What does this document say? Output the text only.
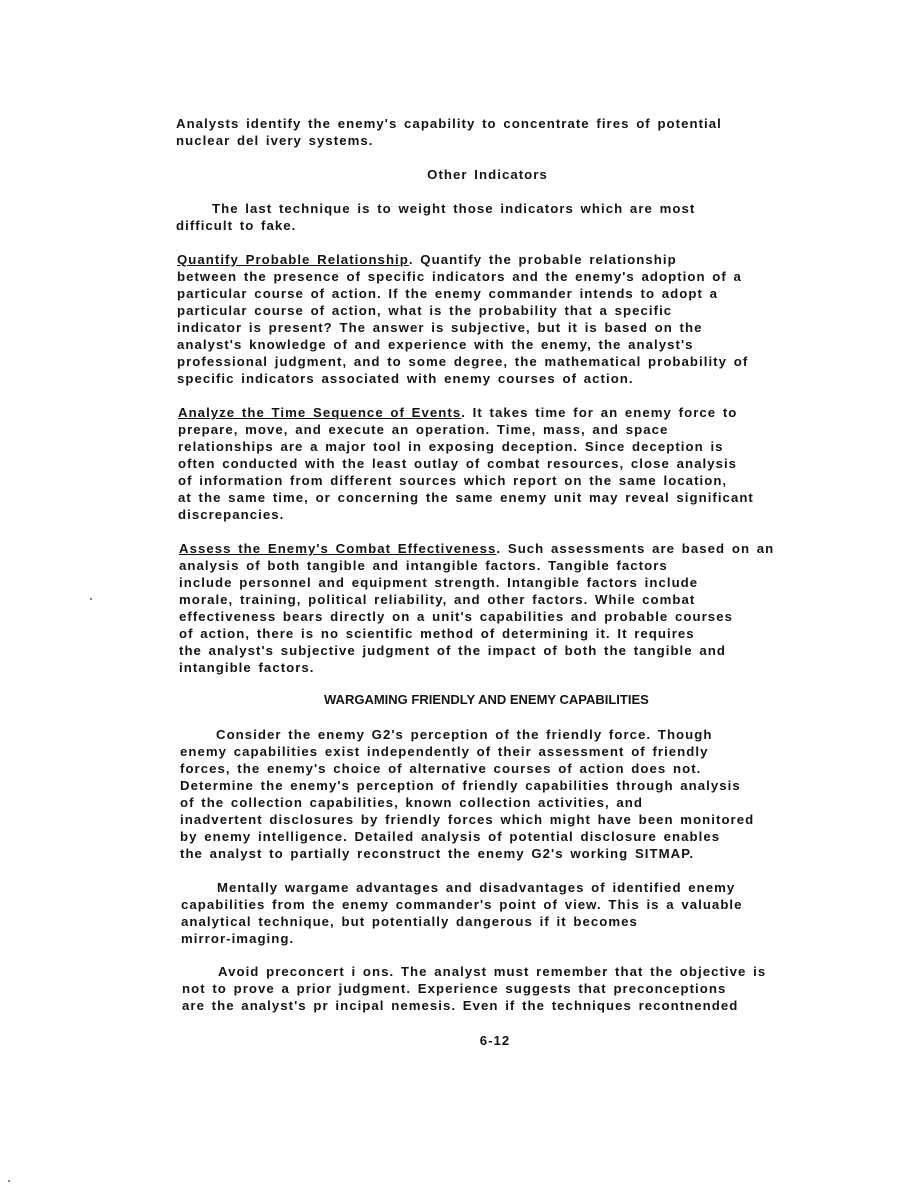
Analysts identify the enemy's capability to concentrate fires of potential
nuclear del ivery systems.
Other Indicators
The last technique is to weight those indicators which are most
difficult to fake.
Quantify Probable Relationship. Quantify the probable relationship
between the presence of specific indicators and the enemy's adoption of a
particular course of action. If the enemy commander intends to adopt a
particular course of action, what is the probability that a specific
indicator is present? The answer is subjective, but it is based on the
analyst's knowledge of and experience with the enemy, the analyst's
professional judgment, and to some degree, the mathematical probability of
specific indicators associated with enemy courses of action.
Analyze the Time Sequence of Events. It takes time for an enemy force to
prepare, move, and execute an operation. Time, mass, and space
relationships are a major tool in exposing deception. Since deception is
often conducted with the least outlay of combat resources, close analysis
of information from different sources which report on the same location,
at the same time, or concerning the same enemy unit may reveal significant
discrepancies.
Assess the Enemy's Combat Effectiveness. Such assessments are based on an
analysis of both tangible and intangible factors. Tangible factors
include personnel and equipment strength. Intangible factors include
morale, training, political reliability, and other factors. While combat
effectiveness bears directly on a unit's capabilities and probable courses
of action, there is no scientific method of determining it. It requires
the analyst's subjective judgment of the impact of both the tangible and
intangible factors.
WARGAMING FRIENDLY AND ENEMY CAPABILITIES
Consider the enemy G2's perception of the friendly force. Though
enemy capabilities exist independently of their assessment of friendly
forces, the enemy's choice of alternative courses of action does not.
Determine the enemy's perception of friendly capabilities through analysis
of the collection capabilities, known collection activities, and
inadvertent disclosures by friendly forces which might have been monitored
by enemy intelligence. Detailed analysis of potential disclosure enables
the analyst to partially reconstruct the enemy G2's working SITMAP.
Mentally wargame advantages and disadvantages of identified enemy
capabilities from the enemy commander's point of view. This is a valuable
analytical technique, but potentially dangerous if it becomes
mirror-imaging.
Avoid preconcert i ons. The analyst must remember that the objective is
not to prove a prior judgment. Experience suggests that preconceptions
are the analyst's pr incipal nemesis. Even if the techniques recontnended
6-12
